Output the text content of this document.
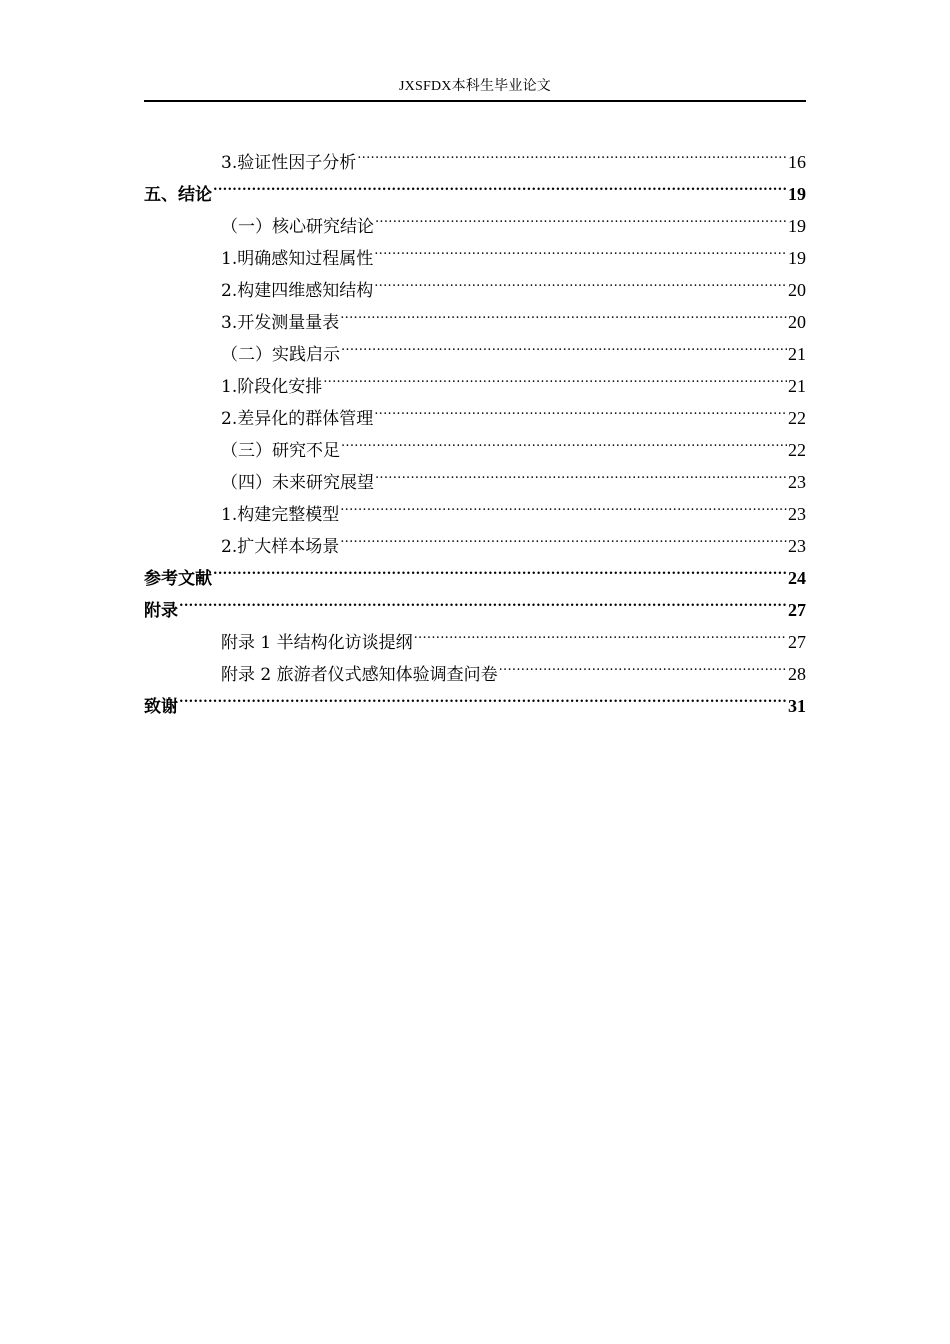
JXSFDX本科生毕业论文
3.验证性因子分析 .....	16
五、结论 .....	19
（一）核心研究结论 .....	19
1.明确感知过程属性 .....	19
2.构建四维感知结构 .....	20
3.开发测量量表 .....	20
（二）实践启示 .....	21
1.阶段化安排 .....	21
2.差异化的群体管理 .....	22
（三）研究不足 .....	22
（四）未来研究展望 .....	23
1.构建完整模型 .....	23
2.扩大样本场景 .....	23
参考文献 .....	24
附录 .....	27
附录 1 半结构化访谈提纲 .....	27
附录 2 旅游者仪式感知体验调查问卷 .....	28
致谢 .....	31
